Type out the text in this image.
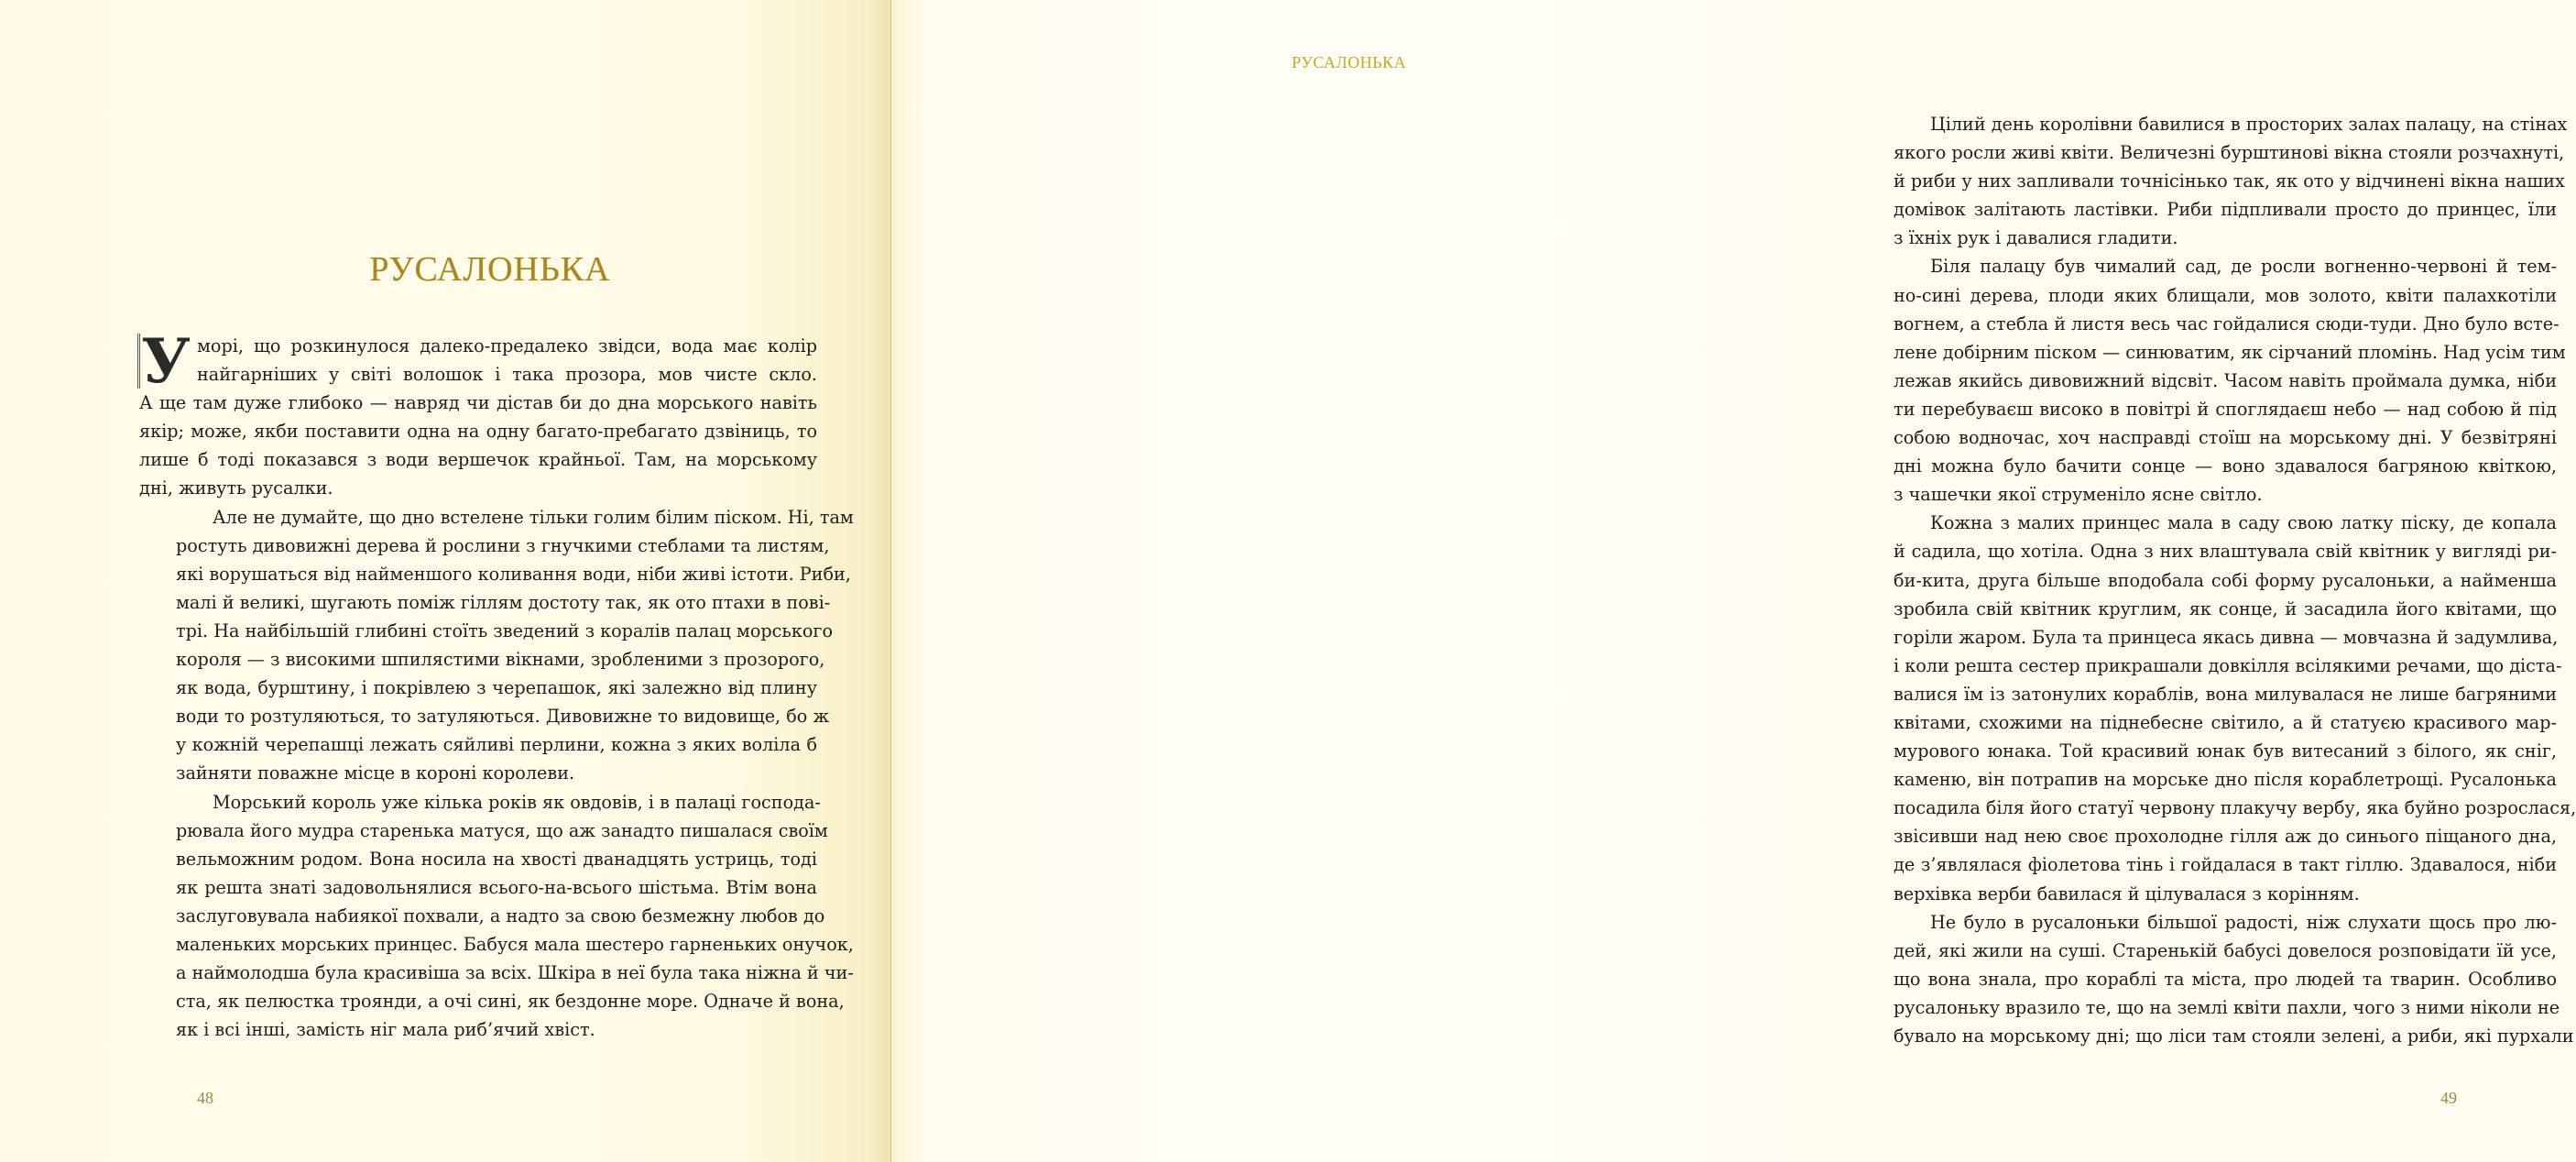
РУСАЛОНЬКА
У морі, що розкинулося далеко-предалеко звідси, вода має колір
найгарніших у світі волошок і така прозора, мов чисте скло.
А ще там дуже глибоко — навряд чи дістав би до дна морського навіть
якір; може, якби поставити одна на одну багато-пребагато дзвіниць, то
лише б тоді показався з води вершечок крайньої. Там, на морському
дні, живуть русалки.
Але не думайте, що дно встелене тільки голим білим піском. Ні, там
ростуть дивовижні дерева й рослини з гнучкими стеблами та листям,
які ворушаться від найменшого коливання води, ніби живі істоти. Риби,
малі й великі, шугають поміж гіллям достоту так, як ото птахи в пові-
трі. На найбільшій глибині стоїть зведений з коралів палац морського
короля — з високими шпилястими вікнами, зробленими з прозорого,
як вода, бурштину, і покрівлею з черепашок, які залежно від плину
води то розтуляються, то затуляються. Дивовижне то видовище, бо ж
у кожній черепашці лежать сяйливі перлини, кожна з яких воліла б
зайняти поважне місце в короні королеви.
Морський король уже кілька років як овдовів, і в палаці господа-
рювала його мудра старенька матуся, що аж занадто пишалася своїм
вельможним родом. Вона носила на хвості дванадцять устриць, тоді
як решта знаті задовольнялися всього-на-всього шістьма. Втім вона
заслуговувала набиякої похвали, а надто за свою безмежну любов до
маленьких морських принцес. Бабуся мала шестеро гарненьких онучок,
а наймолодша була красивіша за всіх. Шкіра в неї була така ніжна й чи-
ста, як пелюстка троянди, а очі сині, як бездонне море. Одначе й вона,
як і всі інші, замість ніг мала риб’ячий хвіст.
48
РУСАЛОНЬКА
Цілий день королівни бавилися в просторих залах палацу, на стінах
якого росли живі квіти. Величезні бурштинові вікна стояли розчахнуті,
й риби у них запливали точнісінько так, як ото у відчинені вікна наших
домівок залітають ластівки. Риби підпливали просто до принцес, їли
з їхніх рук і давалися гладити.
Біля палацу був чималий сад, де росли вогненно-червоні й тем-
но-сині дерева, плоди яких блищали, мов золото, квіти палахкотіли
вогнем, а стебла й листя весь час гойдалися сюди-туди. Дно було всте-
лене добірним піском — синюватим, як сірчаний пломінь. Над усім тим
лежав якийсь дивовижний відсвіт. Часом навіть проймала думка, ніби
ти перебуваєш високо в повітрі й споглядаєш небо — над собою й під
собою водночас, хоч насправді стоїш на морському дні. У безвітряні
дні можна було бачити сонце — воно здавалося багряною квіткою,
з чашечки якої струменіло ясне світло.
Кожна з малих принцес мала в саду свою латку піску, де копала
й садила, що хотіла. Одна з них влаштувала свій квітник у вигляді ри-
би-кита, друга більше вподобала собі форму русалоньки, а найменша
зробила свій квітник круглим, як сонце, й засадила його квітами, що
горіли жаром. Була та принцеса якась дивна — мовчазна й задумлива,
і коли решта сестер прикрашали довкілля всілякими речами, що діста-
валися їм із затонулих кораблів, вона милувалася не лише багряними
квітами, схожими на піднебесне світило, а й статуєю красивого мар-
мурового юнака. Той красивий юнак був витесаний з білого, як сніг,
каменю, він потрапив на морське дно після кораблетрощі. Русалонька
посадила біля його статуї червону плакучу вербу, яка буйно розрослася,
звісивши над нею своє прохолодне гілля аж до синього піщаного дна,
де з’являлася фіолетова тінь і гойдалася в такт гіллю. Здавалося, ніби
верхівка верби бавилася й цілувалася з корінням.
Не було в русалоньки більшої радості, ніж слухати щось про лю-
дей, які жили на суші. Старенькій бабусі довелося розповідати їй усе,
що вона знала, про кораблі та міста, про людей та тварин. Особливо
русалоньку вразило те, що на землі квіти пахли, чого з ними ніколи не
бувало на морському дні; що ліси там стояли зелені, а риби, які пурхали
49
